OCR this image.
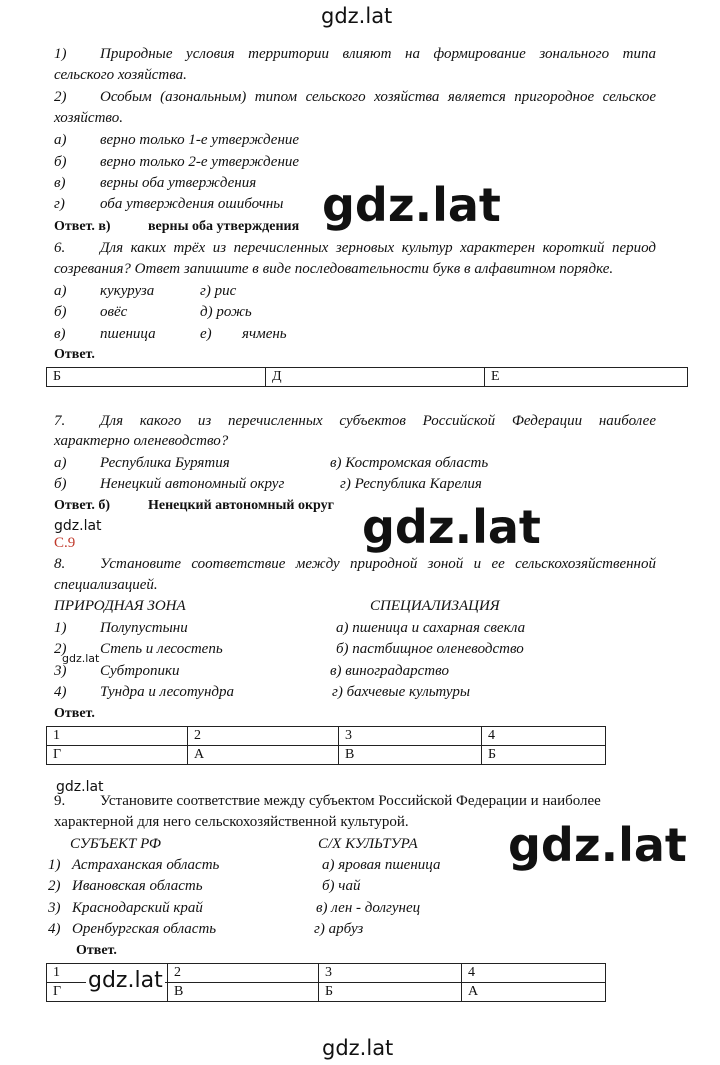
gdz.lat
gdz.lat
gdz.lat
gdz.lat
gdz.lat
gdz.lat
gdz.lat
gdz.lat
1) Природные условия территории влияют на формирование зонального типа
сельского хозяйства.
2) Особым (азональным) типом сельского хозяйства является пригородное сельское
хозяйство.
а) верно только 1-е утверждение
б) верно только 2-е утверждение
в) верны оба утверждения
г) оба утверждения ошибочны
Ответ. в)	верны оба утверждения
6. Для каких трёх из перечисленных зерновых культур характерен короткий период
созревания? Ответ запишите в виде последовательности букв в алфавитном порядке.
а) кукуруза	г) рис
б) овёс	д) рожь
в) пшеница	е) ячмень
Ответ.
Б	Д	Е
7. Для какого из перечисленных субъектов Российской Федерации наиболее
характерно оленеводство?
а) Республика Бурятия	в) Костромская область
б) Ненецкий автономный округ	г) Республика Карелия
Ответ. б)	Ненецкий автономный округ
С.9
8. Установите соответствие между природной зоной и ее сельскохозяйственной
специализацией.
ПРИРОДНАЯ ЗОНА	СПЕЦИАЛИЗАЦИЯ
1) Полупустыни	а) пшеница и сахарная свекла
2) Степь и лесостепь	б) пастбищное оленеводство
3) Субтропики	в) виноградарство
4) Тундра и лесотундра	г) бахчевые культуры
Ответ.
1	2	3	4
Г	А	В	Б
9. Установите соответствие между субъектом Российской Федерации и наиболее
характерной для него сельскохозяйственной культурой.
СУБЪЕКТ РФ	С/Х КУЛЬТУРА
1) Астраханская область	а) яровая пшеница
2) Ивановская область	б) чай
3) Краснодарский край	в) лен - долгунец
4) Оренбургская область	г) арбуз
Ответ.
1	2	3	4
Г	В	Б	А
gdz.lat
